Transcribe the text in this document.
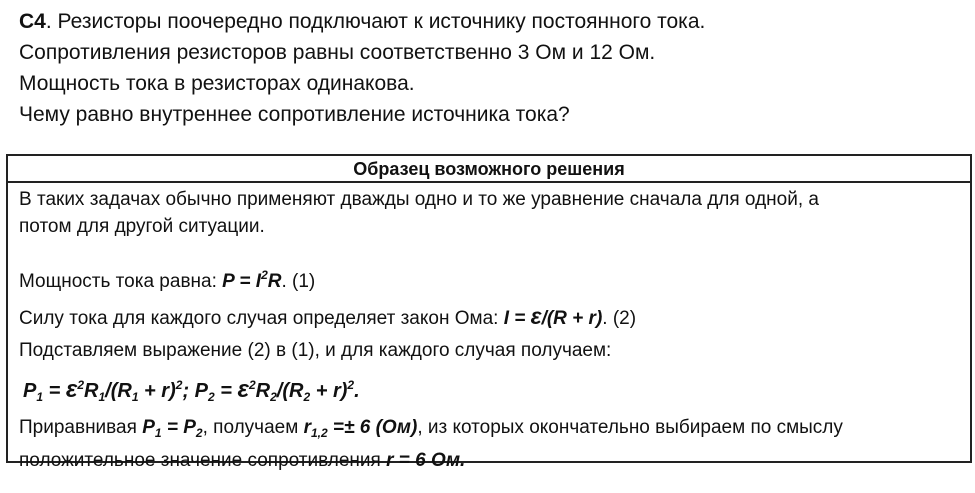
С4. Резисторы поочередно подключают к источнику постоянного тока.
Сопротивления резисторов равны соответственно 3 Ом и 12 Ом.
Мощность тока в резисторах одинакова.
Чему равно внутреннее сопротивление источника тока?
Образец возможного решения
В таких задачах обычно применяют дважды одно и то же уравнение сначала для одной, а
потом для другой ситуации.
Мощность тока равна: $P = I^2R$. (1)
Силу тока для каждого случая определяет закон Ома: I = ε/(R + r). (2)
Подставляем выражение (2) в (1), и для каждого случая получаем:
$P_1 = \varepsilon^2R_1/(R_1 + r)^2$; $P_2 = \varepsilon^2R_2/(R_2 + r)^2$.
Приравнивая $P_1 = P_2$, получаем $r_{1,2} =\pm 6$ (Ом), из которых окончательно выбираем по смыслу
положительное значение сопротивления r = 6 Ом.
